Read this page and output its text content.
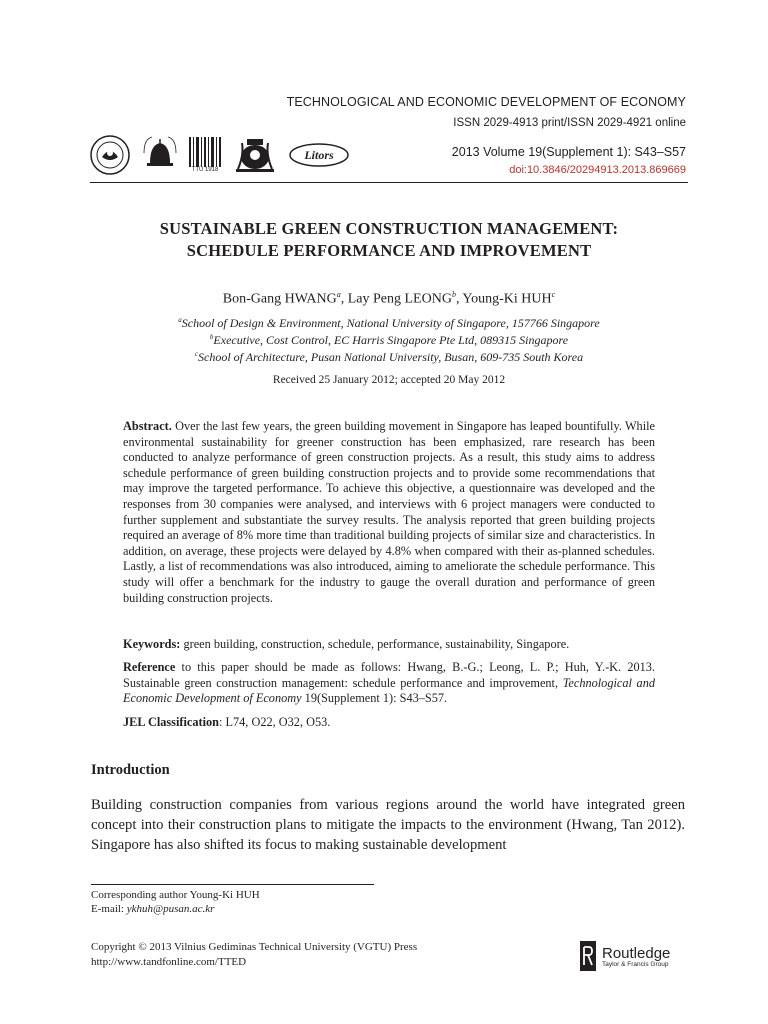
TECHNOLOGICAL AND ECONOMIC DEVELOPMENT OF ECONOMY
ISSN 2029-4913 print/ISSN 2029-4921 online
TTÜ 1918
Litors	2013 Volume 19(Supplement 1): S43–S57
doi:10.3846/20294913.2013.869669
SUSTAINABLE GREEN CONSTRUCTION MANAGEMENT:
SCHEDULE PERFORMANCE AND IMPROVEMENT
Bon-Gang HWANG$^a$, Lay Peng LEONG$^b$, Young-Ki HUH$^c$
$^a$School of Design & Environment, National University of Singapore, 157766 Singapore
$^b$Executive, Cost Control, EC Harris Singapore Pte Ltd, 089315 Singapore
$^c$School of Architecture, Pusan National University, Busan, 609-735 South Korea
Received 25 January 2012; accepted 20 May 2012
Abstract. Over the last few years, the green building movement in Singapore has leaped bountifully. While environmental sustainability for greener construction has been emphasized, rare research has been conducted to analyze performance of green construction projects. As a result, this study aims to address schedule performance of green building construction projects and to provide some recommendations that may improve the targeted performance. To achieve this objective, a questionnaire was developed and the responses from 30 companies were analysed, and interviews with 6 project managers were conducted to further supplement and substantiate the survey results. The analysis reported that green building projects required an average of 8% more time than traditional building projects of similar size and characteristics. In addition, on average, these projects were delayed by 4.8% when compared with their as-planned schedules. Lastly, a list of recommendations was also introduced, aiming to ameliorate the schedule performance. This study will offer a benchmark for the industry to gauge the overall duration and performance of green building construction projects.
Keywords: green building, construction, schedule, performance, sustainability, Singapore.
Reference to this paper should be made as follows: Hwang, B.-G.; Leong, L. P.; Huh, Y.-K. 2013. Sustainable green construction management: schedule performance and improvement, Technological and Economic Development of Economy 19(Supplement 1): S43–S57.
JEL Classification: L74, O22, O32, O53.
Introduction
Building construction companies from various regions around the world have integrated green concept into their construction plans to mitigate the impacts to the environment (Hwang, Tan 2012). Singapore has also shifted its focus to making sustainable development
Corresponding author Young-Ki HUH
E-mail: ykhuh@pusan.ac.kr
Copyright © 2013 Vilnius Gediminas Technical University (VGTU) Press
http://www.tandfonline.com/TTED	Routledge
Taylor & Francis Group
